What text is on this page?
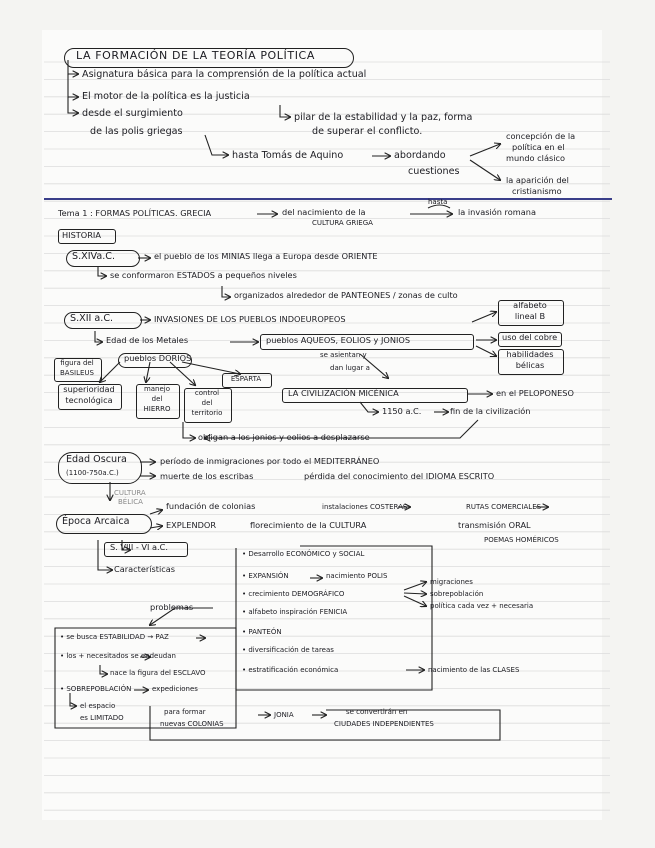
LA FORMACIÓN DE LA TEORÍA POLÍTICA
Asignatura básica para la comprensión de la política actual
El motor de la política es la justicia
desde el surgimiento
de las polis griegas
pilar de la estabilidad y la paz, forma
de superar el conflicto.
hasta Tomás de Aquino	abordando
cuestiones
concepción de la
política en el
mundo clásico
la aparición del
cristianismo
Tema 1 : FORMAS POLÍTICAS. GRECIA	del nacimiento de la
CULTURA GRIEGA
hasta
la invasión romana
HISTORIA
S.XIVa.C.	el pueblo de los MINIAS llega a Europa desde ORIENTE
se conformaron ESTADOS a pequeños niveles
organizados alrededor de PANTEONES / zonas de culto
S.XII a.C.	INVASIONES DE LOS PUEBLOS INDOEUROPEOS
alfabeto
lineal B
Edad de los Metales	pueblos AQUEOS, EOLIOS y JONIOS
se asientan y
dan lugar a
uso del cobre
habilidades
bélicas
pueblos DORIOS
figura del
BASILEUS
ESPARTA
superioridad
tecnológica
manejo
del
HIERRO
control
del
territorio
LA CIVILIZACIÓN MICÉNICA	en el PELOPONESO
1150 a.C.	fin de la civilización
obligan a los jonios y eolios a desplazarse
Edad Oscura
(1100-750a.C.)
período de inmigraciones por todo el MEDITERRÁNEO
muerte de los escribas	pérdida del conocimiento del IDIOMA ESCRITO
CULTURA
BÉLICA
Época Arcaica
fundación de colonias	instalaciones COSTERAS	RUTAS COMERCIALES
EXPLENDOR	florecimiento de la CULTURA	transmisión ORAL
POEMAS HOMÉRICOS
S. VIII - VI a.C.
Características
• Desarrollo ECONÓMICO y SOCIAL
• EXPANSIÓN	nacimiento POLIS
• crecimiento DEMOGRÁFICO
migraciones
sobrepoblación
política cada vez + necesaria
• alfabeto inspiración FENICIA
• PANTEÓN
• diversificación de tareas
• estratificación económica	nacimiento de las CLASES
problemas
• se busca ESTABILIDAD → PAZ
• los + necesitados se endeudan
nace la figura del ESCLAVO
• SOBREPOBLACIÓN	expediciones
el espacio
es LIMITADO
para formar
nuevas COLONIAS
JONIA	se convertirán en
CIUDADES INDEPENDIENTES
